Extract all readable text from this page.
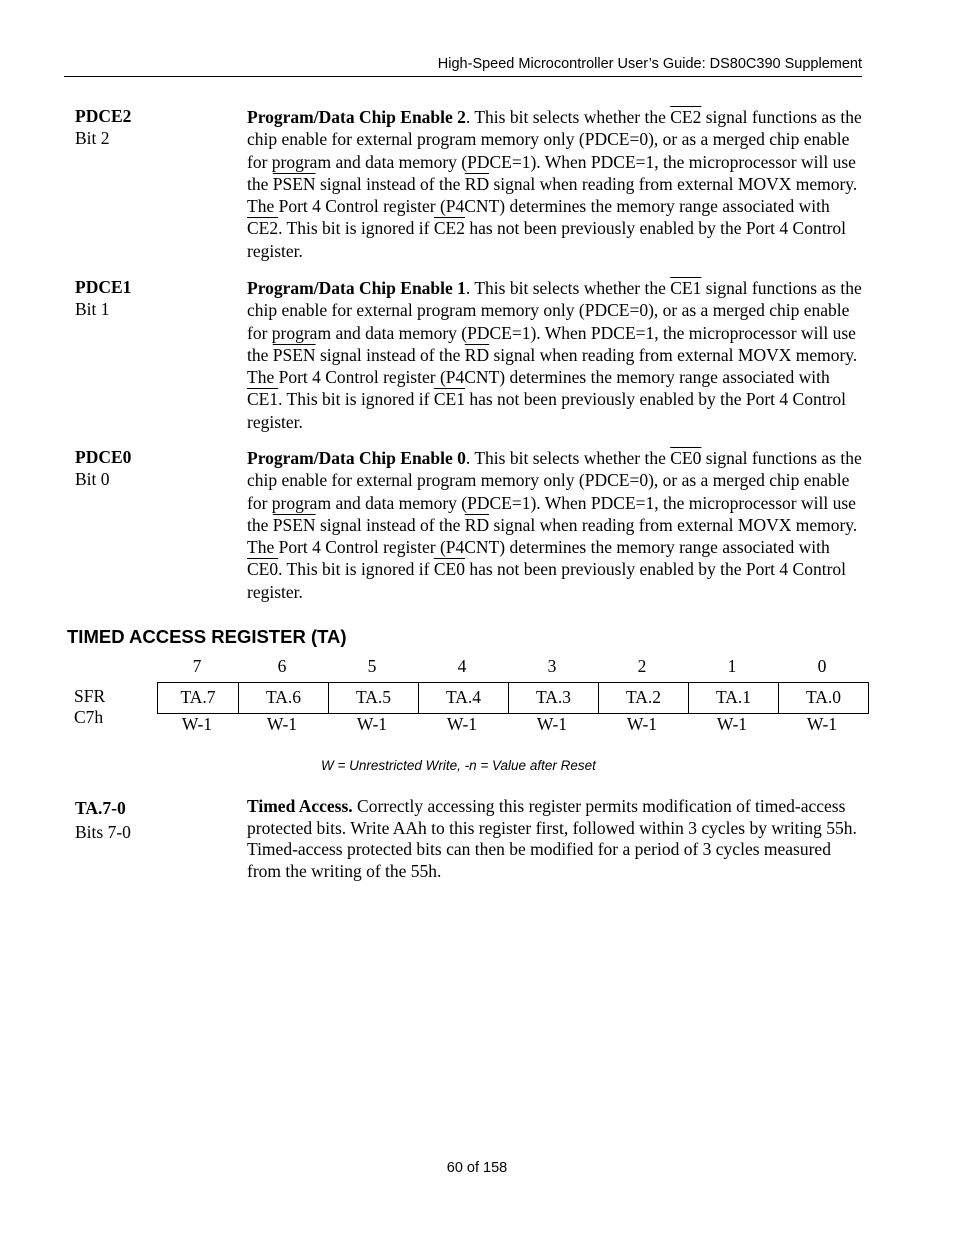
High-Speed Microcontroller User’s Guide: DS80C390 Supplement
PDCE2
Bit 2
Program/Data Chip Enable 2. This bit selects whether the CE2 signal functions as the chip enable for external program memory only (PDCE=0), or as a merged chip enable for program and data memory (PDCE=1). When PDCE=1, the microprocessor will use the PSEN signal instead of the $\overline{RD}$ signal when reading from external MOVX memory. The Port 4 Control register (P4CNT) determines the memory range associated with CE2. This bit is ignored if CE2 has not been previously enabled by the Port 4 Control register.
PDCE1
Bit 1
Program/Data Chip Enable 1. This bit selects whether the CE1 signal functions as the chip enable for external program memory only (PDCE=0), or as a merged chip enable for program and data memory (PDCE=1). When PDCE=1, the microprocessor will use the PSEN signal instead of the $\overline{RD}$ signal when reading from external MOVX memory. The Port 4 Control register (P4CNT) determines the memory range associated with CE1. This bit is ignored if CE1 has not been previously enabled by the Port 4 Control register.
PDCE0
Bit 0
Program/Data Chip Enable 0. This bit selects whether the CE0 signal functions as the chip enable for external program memory only (PDCE=0), or as a merged chip enable for program and data memory (PDCE=1). When PDCE=1, the microprocessor will use the PSEN signal instead of the $\overline{RD}$ signal when reading from external MOVX memory. The Port 4 Control register (P4CNT) determines the memory range associated with CE0. This bit is ignored if CE0 has not been previously enabled by the Port 4 Control register.
TIMED ACCESS REGISTER (TA)
SFR C7h
7	6	5	4	3	2	1	0
TA.7	TA.6	TA.5	TA.4	TA.3	TA.2	TA.1	TA.0
W-1	W-1	W-1	W-1	W-1	W-1	W-1	W-1
W = Unrestricted Write, -n = Value after Reset
TA.7-0
Bits 7-0
Timed Access. Correctly accessing this register permits modification of timed-access protected bits. Write AAh to this register first, followed within 3 cycles by writing 55h. Timed-access protected bits can then be modified for a period of 3 cycles measured from the writing of the 55h.
60 of 158
